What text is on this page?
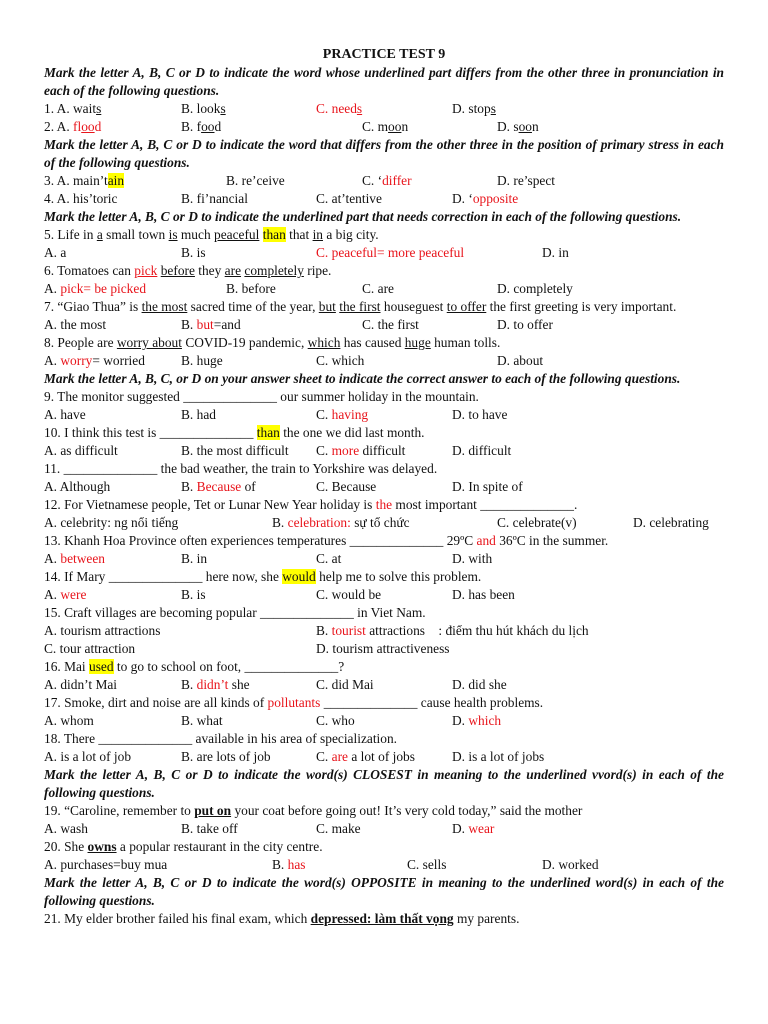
PRACTICE TEST 9
Mark the letter A, B, C or D to indicate the word whose underlined part differs from the other three in pronunciation in each of the following questions.
1. A. waits	B. looks	C. needs	D. stops
2. A. flood	B. food	C. moon	D. soon
Mark the letter A, B, C or D to indicate the word that differs from the other three in the position of primary stress in each of the following questions.
3. A. main’tain	B. re’ceive	C. ‘differ	D. re’spect
4. A. his’toric	B. fi’nancial	C. at’tentive	D. ‘opposite
Mark the letter A, B, C or D to indicate the underlined part that needs correction in each of the following questions.
5. Life in a small town is much peaceful than that in a big city.
A. a	B. is	C. peaceful= more peaceful	D. in
6. Tomatoes can pick before they are completely ripe.
A. pick= be picked	B. before	C. are	D. completely
7. “Giao Thua” is the most sacred time of the year, but the first houseguest to offer the first greeting is very important.
A. the most	B. but=and	C. the first	D. to offer
8. People are worry about COVID-19 pandemic, which has caused huge human tolls.
A. worry= worried	B. huge	C. which	D. about
Mark the letter A, B, C, or D on your answer sheet to indicate the correct answer to each of the following questions.
9. The monitor suggested ______________ our summer holiday in the mountain.
A. have	B. had	C. having	D. to have
10. I think this test is ______________ than the one we did last month.
A. as difficult	B. the most difficult C. more difficult	D. difficult
11. ______________ the bad weather, the train to Yorkshire was delayed.
A. Although	B. Because of	C. Because	D. In spite of
12. For Vietnamese people, Tet or Lunar New Year holiday is the most important ______________.
A. celebrity: ng nổi tiếng	B. celebration: sự tổ chức	C. celebrate(v)	D. celebrating
13. Khanh Hoa Province often experiences temperatures ______________ 29ºC and 36ºC in the summer.
A. between	B. in	C. at	D. with
14. If Mary ______________ here now, she would help me to solve this problem.
A. were	B. is	C. would be	D. has been
15. Craft villages are becoming popular ______________ in Viet Nam.
A. tourism attractions	B. tourist attractions    : điểm thu hút khách du lịch
C. tour attraction	D. tourism attractiveness
16. Mai used to go to school on foot, ______________?
A. didn’t Mai	B. didn’t she	C. did Mai	D. did she
17. Smoke, dirt and noise are all kinds of pollutants ______________ cause health problems.
A. whom	B. what	C. who	D. which
18. There ______________ available in his area of specialization.
A. is a lot of job	B. are lots of job	C. are a lot of jobs	D. is a lot of jobs
Mark the letter A, B, C or D to indicate the word(s) CLOSEST in meaning to the underlined vvord(s) in each of the following questions.
19. “Caroline, remember to put on your coat before going out! It’s very cold today,” said the mother
A. wash	B. take off	C. make	D. wear
20. She owns a popular restaurant in the city centre.
A. purchases=buy mua	B. has	C. sells	D. worked
Mark the letter A, B, C or D to indicate the word(s) OPPOSITE in meaning to the underlined word(s) in each of the following questions.
21. My elder brother failed his final exam, which depressed: làm thất vọng my parents.
